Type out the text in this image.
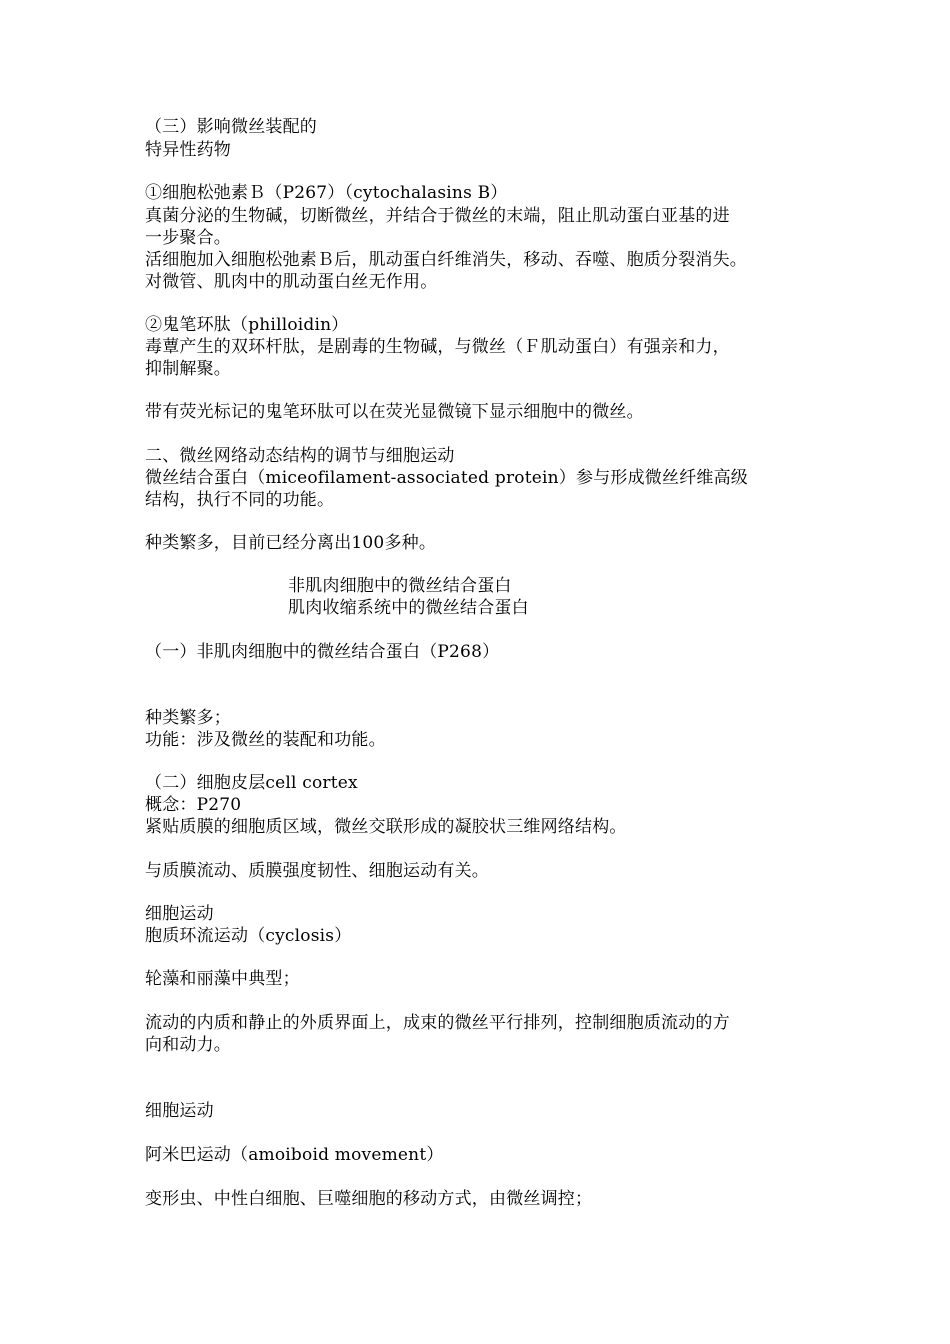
（三）影响微丝装配的
特异性药物
①细胞松弛素Ｂ（P267）（cytochalasins B）
真菌分泌的生物碱，切断微丝，并结合于微丝的末端，阻止肌动蛋白亚基的进
一步聚合。
活细胞加入细胞松弛素Ｂ后，肌动蛋白纤维消失，移动、吞噬、胞质分裂消失。
对微管、肌肉中的肌动蛋白丝无作用。
②鬼笔环肽（philloidin）
毒蕈产生的双环杆肽，是剧毒的生物碱，与微丝（Ｆ肌动蛋白）有强亲和力，
抑制解聚。
带有荧光标记的鬼笔环肽可以在荧光显微镜下显示细胞中的微丝。
二、微丝网络动态结构的调节与细胞运动
微丝结合蛋白（miceofilament-associated protein）参与形成微丝纤维高级
结构，执行不同的功能。
种类繁多，目前已经分离出100多种。
非肌肉细胞中的微丝结合蛋白
肌肉收缩系统中的微丝结合蛋白
（一）非肌肉细胞中的微丝结合蛋白（P268）
种类繁多；
功能：涉及微丝的装配和功能。
（二）细胞皮层cell cortex
概念：P270
紧贴质膜的细胞质区域，微丝交联形成的凝胶状三维网络结构。
与质膜流动、质膜强度韧性、细胞运动有关。
细胞运动
胞质环流运动（cyclosis）
轮藻和丽藻中典型；
流动的内质和静止的外质界面上，成束的微丝平行排列，控制细胞质流动的方
向和动力。
细胞运动
阿米巴运动（amoiboid movement）
变形虫、中性白细胞、巨噬细胞的移动方式，由微丝调控；
